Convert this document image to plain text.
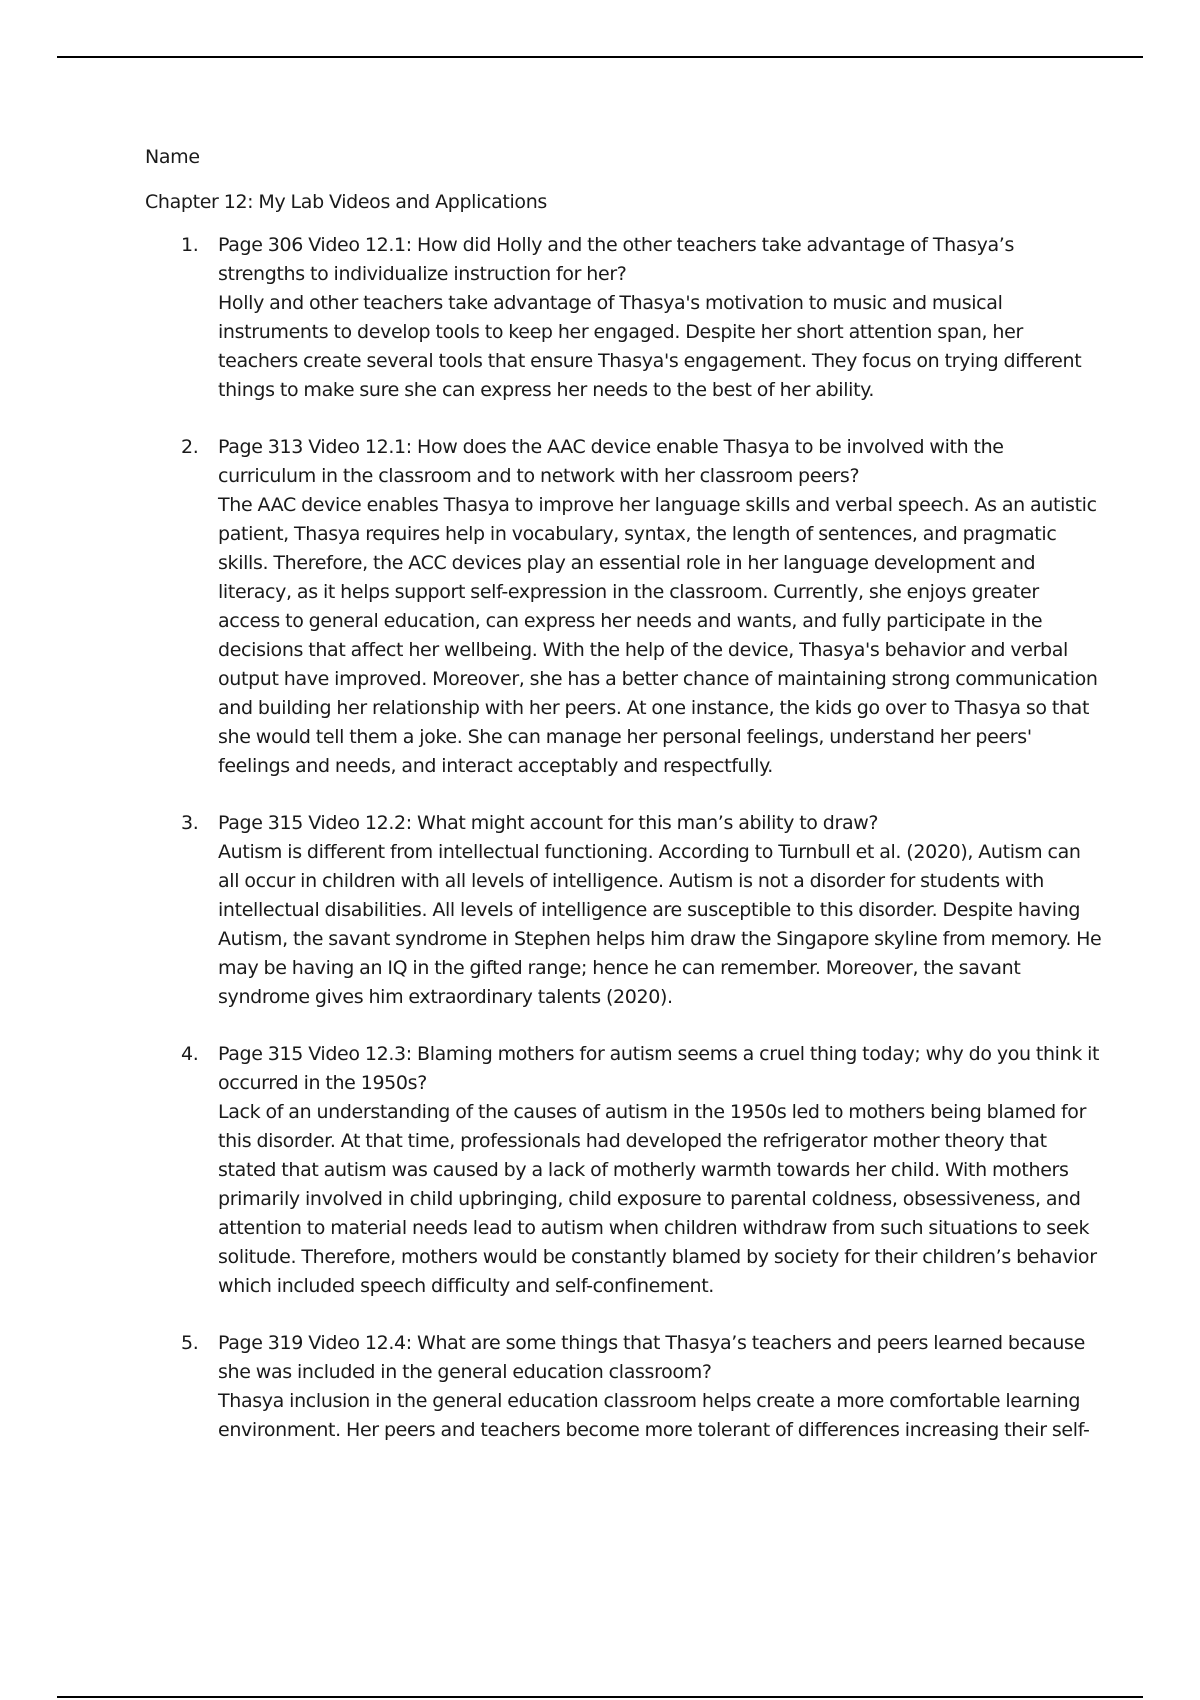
Name

Chapter 12: My Lab Videos and Applications

1. Page 306 Video 12.1: How did Holly and the other teachers take advantage of Thasya’s strengths to individualize instruction for her?

Holly and other teachers take advantage of Thasya's motivation to music and musical instruments to develop tools to keep her engaged. Despite her short attention span, her teachers create several tools that ensure Thasya's engagement. They focus on trying different things to make sure she can express her needs to the best of her ability.

2. Page 313 Video 12.1: How does the AAC device enable Thasya to be involved with the curriculum in the classroom and to network with her classroom peers?

The AAC device enables Thasya to improve her language skills and verbal speech. As an autistic patient, Thasya requires help in vocabulary, syntax, the length of sentences, and pragmatic skills. Therefore, the ACC devices play an essential role in her language development and literacy, as it helps support self-expression in the classroom. Currently, she enjoys greater access to general education, can express her needs and wants, and fully participate in the decisions that affect her wellbeing. With the help of the device, Thasya's behavior and verbal output have improved. Moreover, she has a better chance of maintaining strong communication and building her relationship with her peers. At one instance, the kids go over to Thasya so that she would tell them a joke. She can manage her personal feelings, understand her peers' feelings and needs, and interact acceptably and respectfully.

3. Page 315 Video 12.2: What might account for this man’s ability to draw?

Autism is different from intellectual functioning. According to Turnbull et al. (2020), Autism can all occur in children with all levels of intelligence. Autism is not a disorder for students with intellectual disabilities. All levels of intelligence are susceptible to this disorder. Despite having Autism, the savant syndrome in Stephen helps him draw the Singapore skyline from memory. He may be having an IQ in the gifted range; hence he can remember. Moreover, the savant syndrome gives him extraordinary talents (2020).

4. Page 315 Video 12.3: Blaming mothers for autism seems a cruel thing today; why do you think it occurred in the 1950s?

Lack of an understanding of the causes of autism in the 1950s led to mothers being blamed for this disorder. At that time, professionals had developed the refrigerator mother theory that stated that autism was caused by a lack of motherly warmth towards her child. With mothers primarily involved in child upbringing, child exposure to parental coldness, obsessiveness, and attention to material needs lead to autism when children withdraw from such situations to seek solitude. Therefore, mothers would be constantly blamed by society for their children’s behavior which included speech difficulty and self-confinement.

5. Page 319 Video 12.4: What are some things that Thasya’s teachers and peers learned because she was included in the general education classroom?

Thasya inclusion in the general education classroom helps create a more comfortable learning environment. Her peers and teachers become more tolerant of differences increasing their self-
